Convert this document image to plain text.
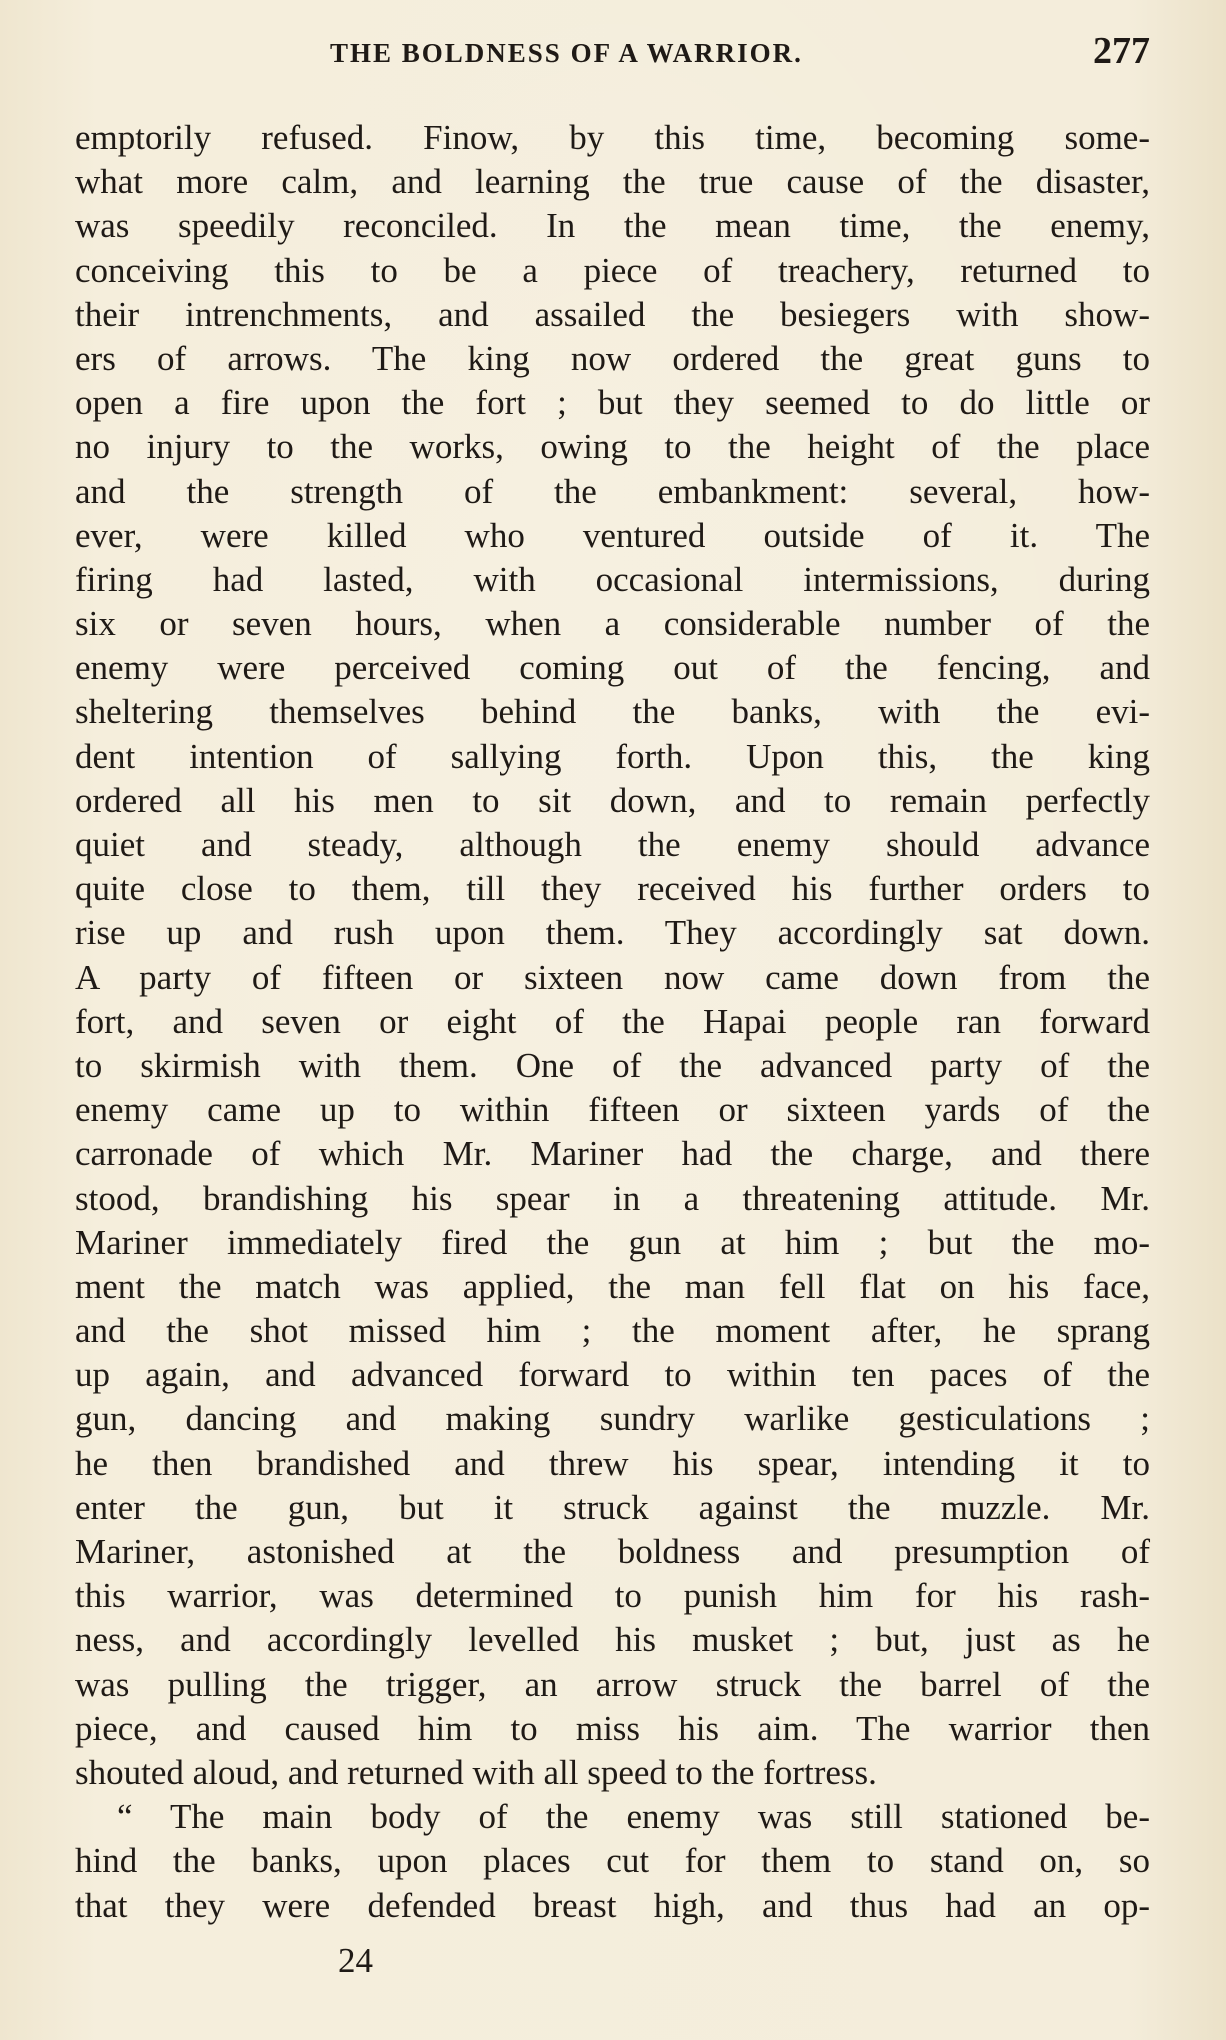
THE BOLDNESS OF A WARRIOR.	277
emptorily refused. Finow, by this time, becoming some-
what more calm, and learning the true cause of the disaster,
was speedily reconciled. In the mean time, the enemy,
conceiving this to be a piece of treachery, returned to
their intrenchments, and assailed the besiegers with show-
ers of arrows. The king now ordered the great guns to
open a fire upon the fort ; but they seemed to do little or
no injury to the works, owing to the height of the place
and the strength of the embankment: several, how-
ever, were killed who ventured outside of it. The
firing had lasted, with occasional intermissions, during
six or seven hours, when a considerable number of the
enemy were perceived coming out of the fencing, and
sheltering themselves behind the banks, with the evi-
dent intention of sallying forth. Upon this, the king
ordered all his men to sit down, and to remain perfectly
quiet and steady, although the enemy should advance
quite close to them, till they received his further orders to
rise up and rush upon them. They accordingly sat down.
A party of fifteen or sixteen now came down from the
fort, and seven or eight of the Hapai people ran forward
to skirmish with them. One of the advanced party of the
enemy came up to within fifteen or sixteen yards of the
carronade of which Mr. Mariner had the charge, and there
stood, brandishing his spear in a threatening attitude. Mr.
Mariner immediately fired the gun at him ; but the mo-
ment the match was applied, the man fell flat on his face,
and the shot missed him ; the moment after, he sprang
up again, and advanced forward to within ten paces of the
gun, dancing and making sundry warlike gesticulations ;
he then brandished and threw his spear, intending it to
enter the gun, but it struck against the muzzle. Mr.
Mariner, astonished at the boldness and presumption of
this warrior, was determined to punish him for his rash-
ness, and accordingly levelled his musket ; but, just as he
was pulling the trigger, an arrow struck the barrel of the
piece, and caused him to miss his aim. The warrior then
shouted aloud, and returned with all speed to the fortress.
“ The main body of the enemy was still stationed be-
hind the banks, upon places cut for them to stand on, so
that they were defended breast high, and thus had an op-
24
